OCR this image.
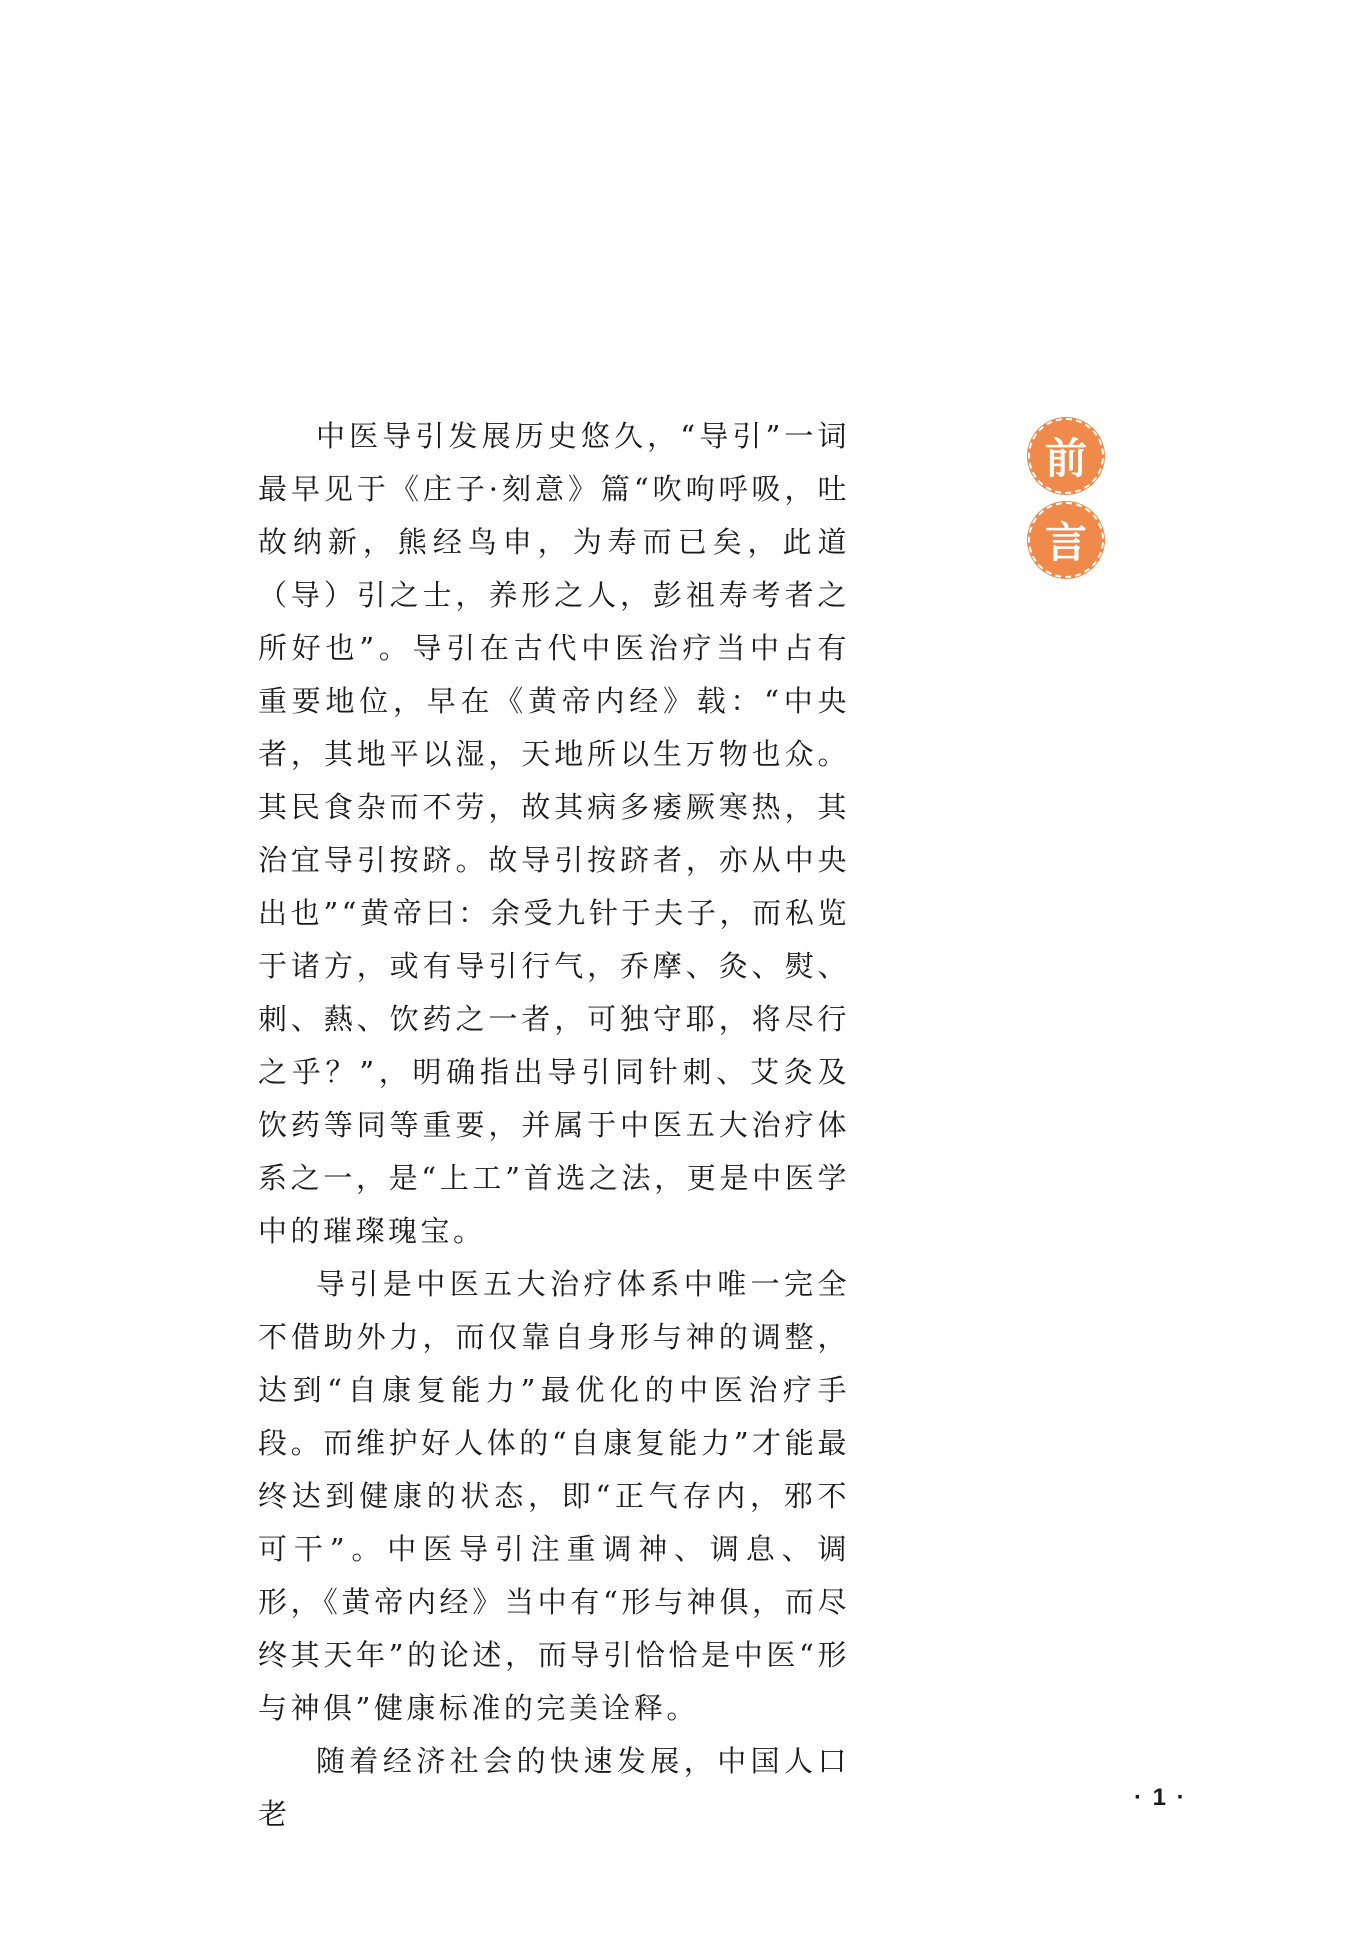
中医导引发展历史悠久，“导引”一词最早见于《庄子·刻意》篇“吹呴呼吸，吐故纳新，熊经鸟申，为寿而已矣，此道（导）引之士，养形之人，彭祖寿考者之所好也”。导引在古代中医治疗当中占有重要地位，早在《黄帝内经》载：“中央者，其地平以湿，天地所以生万物也众。其民食杂而不劳，故其病多痿厥寒热，其治宜导引按跻。故导引按跻者，亦从中央出也”“黄帝曰：余受九针于夫子，而私览于诸方，或有导引行气，乔摩、灸、熨、刺、爇、饮药之一者，可独守耶，将尽行之乎？”，明确指出导引同针刺、艾灸及饮药等同等重要，并属于中医五大治疗体系之一，是“上工”首选之法，更是中医学中的璀璨瑰宝。

导引是中医五大治疗体系中唯一完全不借助外力，而仅靠自身形与神的调整，达到“自康复能力”最优化的中医治疗手段。而维护好人体的“自康复能力”才能最终达到健康的状态，即“正气存内，邪不可干”。中医导引注重调神、调息、调形，《黄帝内经》当中有“形与神俱，而尽终其天年”的论述，而导引恰恰是中医“形与神俱”健康标准的完美诠释。

随着经济社会的快速发展，中国人口老

前
言
· 1 ·
